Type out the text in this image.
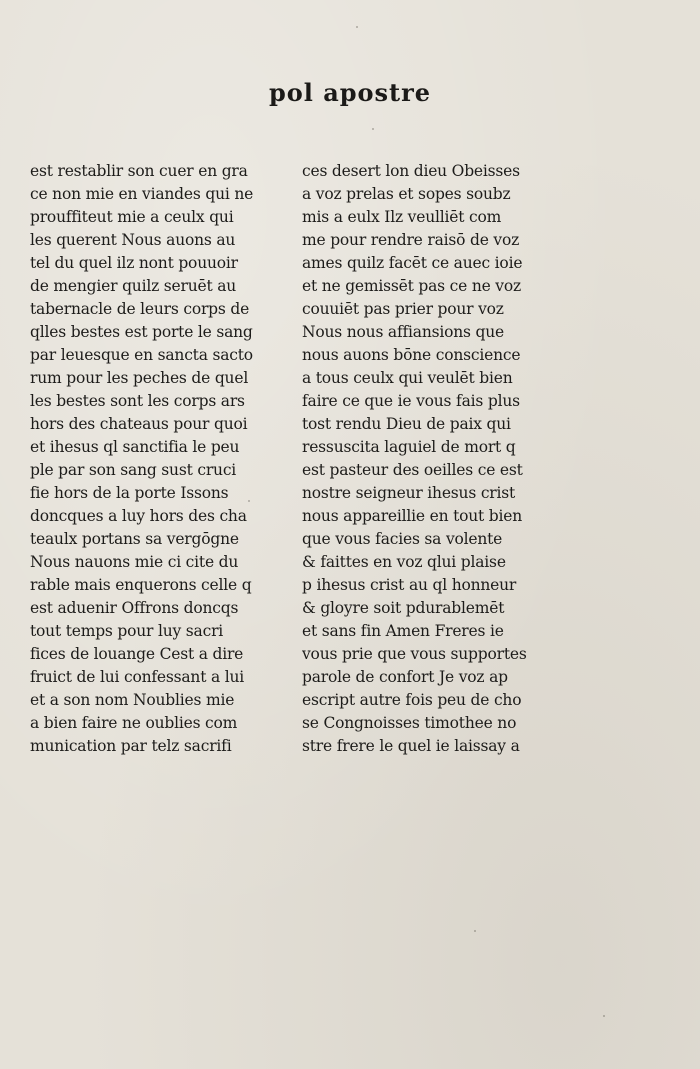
pol apostre
est restablir son cuer en gra
ce non mie en viandes qui ne
prouffiteut mie a ceulx qui
les querent Nous auons au
tel du quel ilz nont pouuoir
de mengier quilz seruēt au
tabernacle de leurs corps de
qlles bestes est porte le sang
par leuesque en sancta sacto
rum pour les peches de quel
les bestes sont les corps ars
hors des chateaus pour quoi
et ihesus ql sanctifia le peu
ple par son sang sust cruci
fie hors de la porte Issons
doncques a luy hors des cha
teaulx portans sa vergōgne
Nous nauons mie ci cite du
rable mais enquerons celle q
est aduenir Offrons doncqs
tout temps pour luy sacri
fices de louange Cest a dire
fruict de lui confessant a lui
et a son nom Noublies mie
a bien faire ne oublies com
munication par telz sacrifi
ces desert lon dieu Obeisses
a voz prelas et sopes soubz
mis a eulx Ilz veulliēt com
me pour rendre raisō de voz
ames quilz facēt ce auec ioie
et ne gemissēt pas ce ne voz
couuiēt pas prier pour voz
Nous nous affiansions que
nous auons bōne conscience
a tous ceulx qui veulēt bien
faire ce que ie vous fais plus
tost rendu Dieu de paix qui
ressuscita laguiel de mort q
est pasteur des oeilles ce est
nostre seigneur ihesus crist
nous appareillie en tout bien
que vous facies sa volente
& faittes en voz qlui plaise
p ihesus crist au ql honneur
& gloyre soit pdurablemēt
et sans fin Amen Freres ie
vous prie que vous supportes
parole de confort Je voz ap
escript autre fois peu de cho
se Congnoisses timothee no
stre frere le quel ie laissay a
